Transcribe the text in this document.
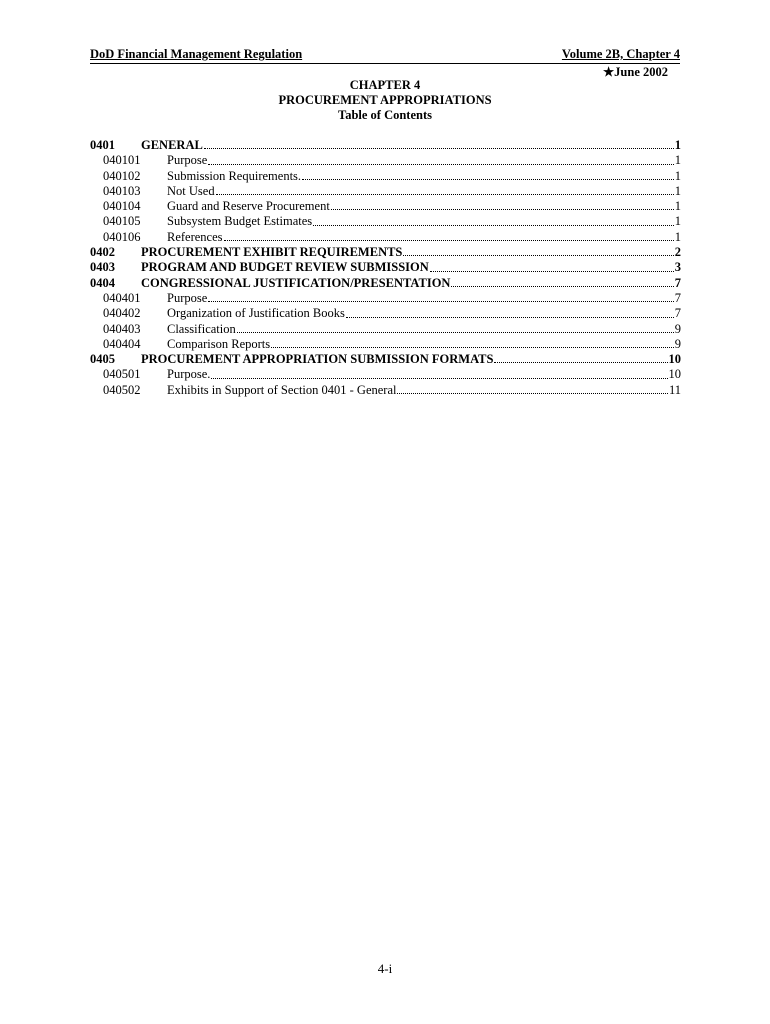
DoD Financial Management Regulation	Volume 2B, Chapter 4
★June 2002
CHAPTER 4
PROCUREMENT APPROPRIATIONS
Table of Contents
0401	GENERAL	1
040101	Purpose	1
040102	Submission Requirements.	1
040103	Not Used	1
040104	Guard and Reserve Procurement	1
040105	Subsystem Budget Estimates	1
040106	References	1
0402	PROCUREMENT EXHIBIT REQUIREMENTS	2
0403	PROGRAM AND BUDGET REVIEW SUBMISSION	3
0404	CONGRESSIONAL JUSTIFICATION/PRESENTATION	7
040401	Purpose	7
040402	Organization of Justification Books	7
040403	Classification	9
040404	Comparison Reports	9
0405	PROCUREMENT APPROPRIATION SUBMISSION FORMATS	10
040501	Purpose.	10
040502	Exhibits in Support of Section 0401 - General	11
4-i
